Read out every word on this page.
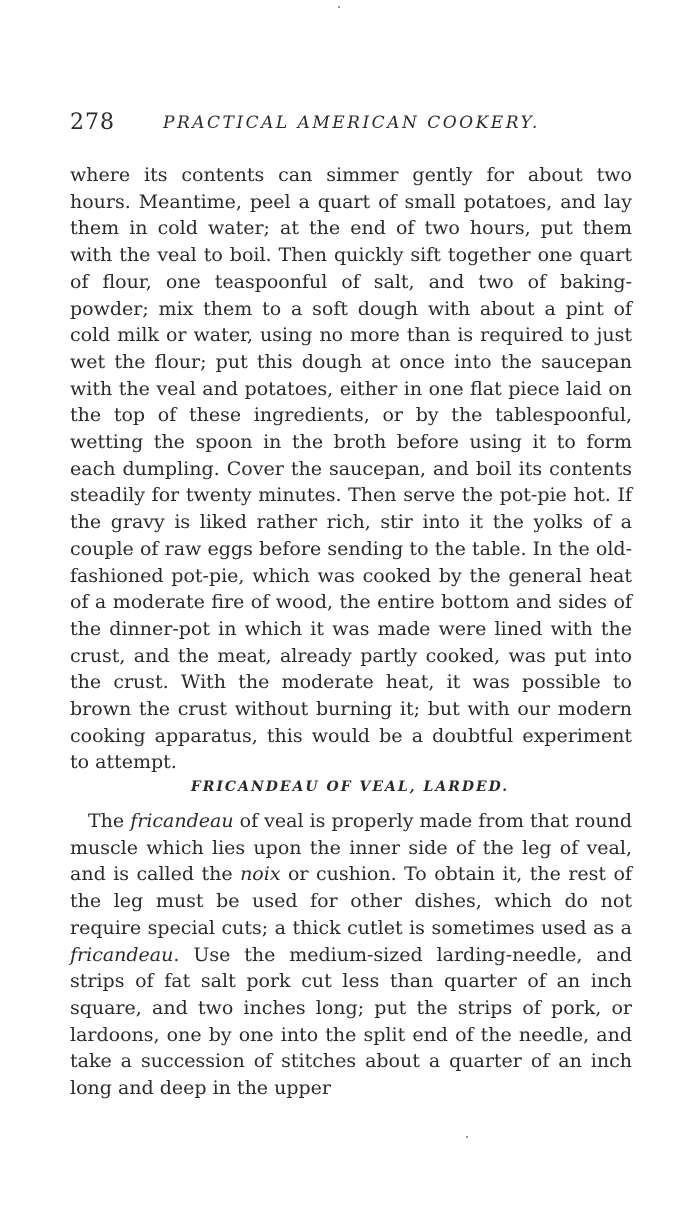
278	PRACTICAL AMERICAN COOKERY.

where its contents can simmer gently for about two hours. Meantime, peel a quart of small potatoes, and lay them in cold water; at the end of two hours, put them with the veal to boil. Then quickly sift together one quart of flour, one teaspoonful of salt, and two of baking-powder; mix them to a soft dough with about a pint of cold milk or water, using no more than is required to just wet the flour; put this dough at once into the saucepan with the veal and potatoes, either in one flat piece laid on the top of these ingredients, or by the tablespoonful, wetting the spoon in the broth before using it to form each dumpling. Cover the saucepan, and boil its contents steadily for twenty minutes. Then serve the pot-pie hot. If the gravy is liked rather rich, stir into it the yolks of a couple of raw eggs before sending to the table. In the old-fashioned pot-pie, which was cooked by the general heat of a moderate fire of wood, the entire bottom and sides of the dinner-pot in which it was made were lined with the crust, and the meat, already partly cooked, was put into the crust. With the moderate heat, it was possible to brown the crust without burning it; but with our modern cooking apparatus, this would be a doubtful experiment to attempt.

FRICANDEAU OF VEAL, LARDED.

The fricandeau of veal is properly made from that round muscle which lies upon the inner side of the leg of veal, and is called the noix or cushion. To obtain it, the rest of the leg must be used for other dishes, which do not require special cuts; a thick cutlet is sometimes used as a fricandeau. Use the medium-sized larding-needle, and strips of fat salt pork cut less than quarter of an inch square, and two inches long; put the strips of pork, or lardoons, one by one into the split end of the needle, and take a succession of stitches about a quarter of an inch long and deep in the upper
